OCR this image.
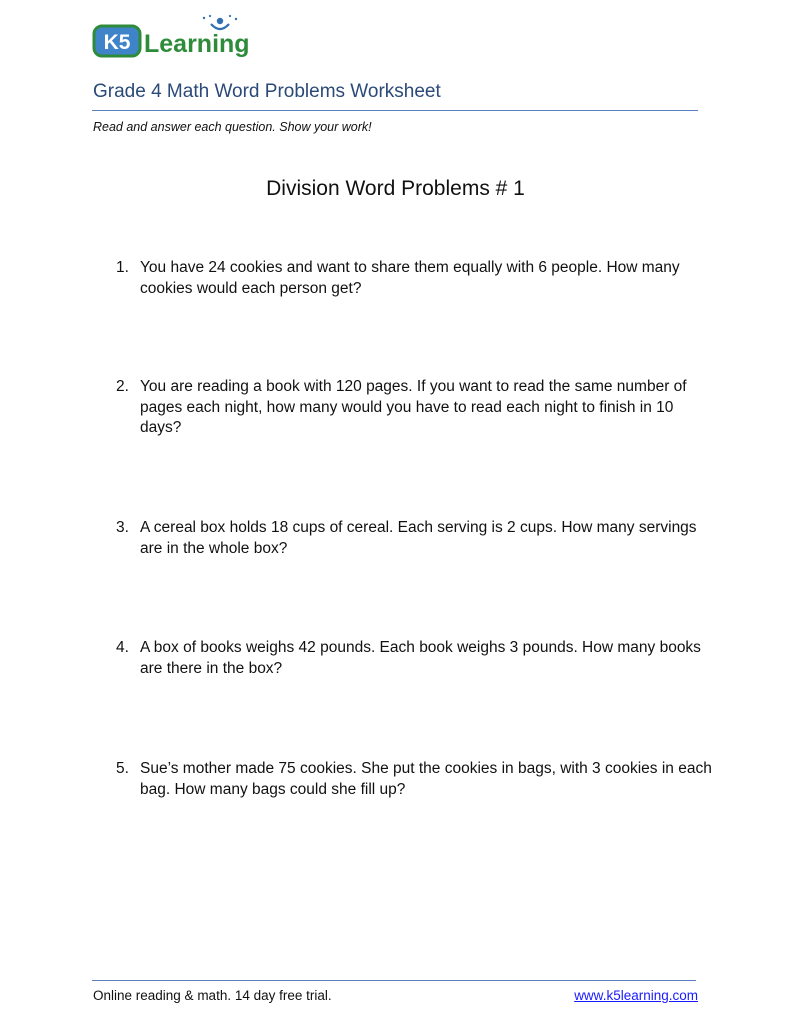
K5 Learning
Grade 4 Math Word Problems Worksheet
Read and answer each question. Show your work!
Division Word Problems # 1
1. You have 24 cookies and want to share them equally with 6 people. How many cookies would each person get?
2. You are reading a book with 120 pages. If you want to read the same number of pages each night, how many would you have to read each night to finish in 10 days?
3. A cereal box holds 18 cups of cereal. Each serving is 2 cups. How many servings are in the whole box?
4. A box of books weighs 42 pounds. Each book weighs 3 pounds. How many books are there in the box?
5. Sue’s mother made 75 cookies. She put the cookies in bags, with 3 cookies in each bag. How many bags could she fill up?
Online reading & math. 14 day free trial.	www.k5learning.com
